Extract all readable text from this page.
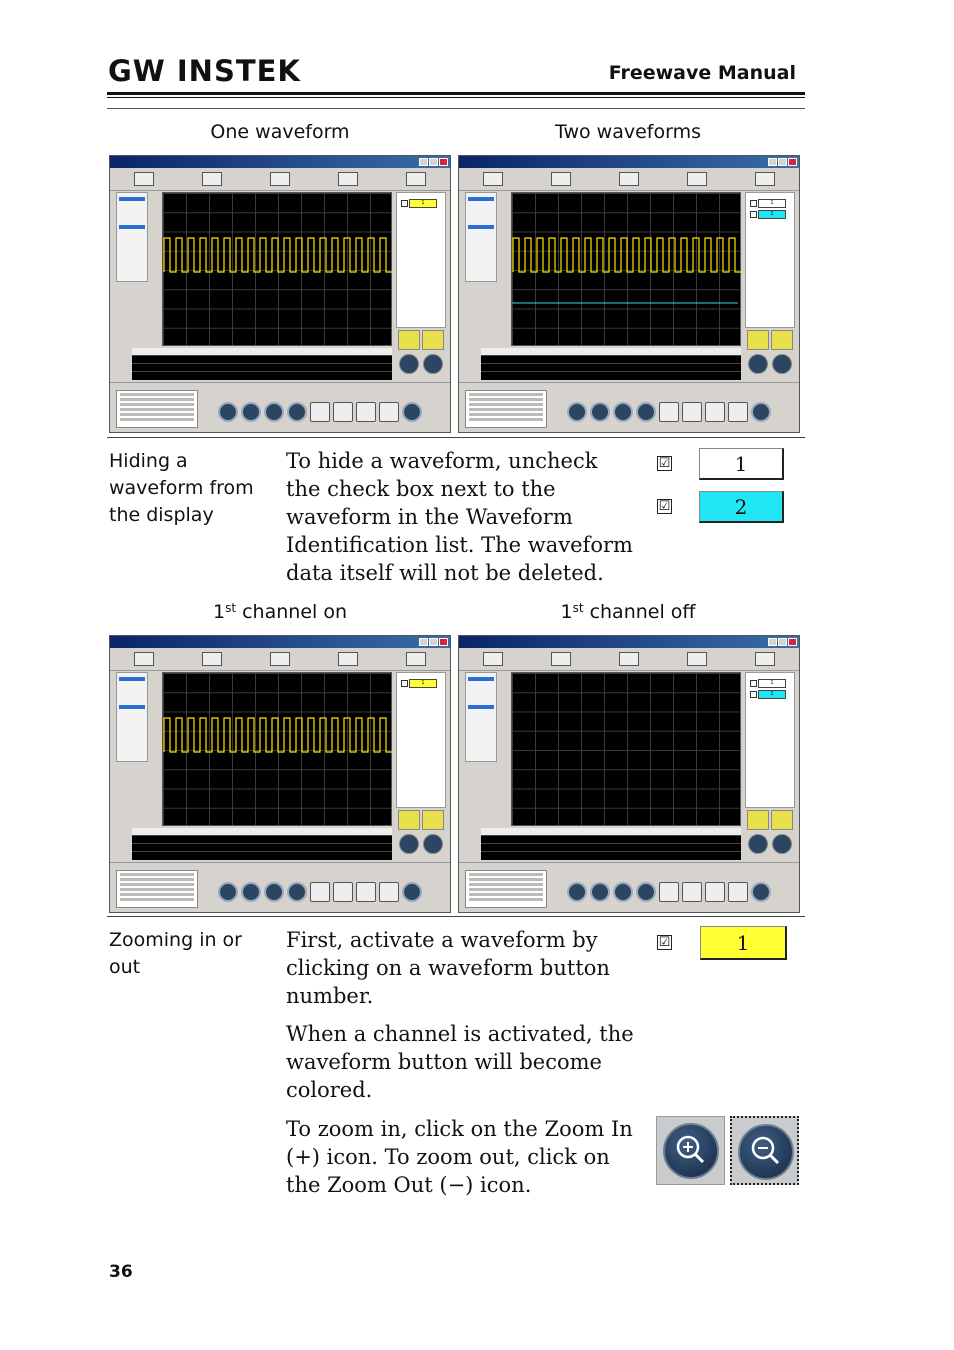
GW INSTEK	Freewave Manual
One waveform	Two waveforms
1	1
2
Hiding a waveform from the display
To hide a waveform, uncheck the check box next to the waveform in the Waveform Identification list. The waveform data itself will not be deleted.
☑	1
☑	2
1st channel on	1st channel off
1	1
2
Zooming in or out
First, activate a waveform by clicking on a waveform button number.
When a channel is activated, the waveform button will become colored.
To zoom in, click on the Zoom In (+) icon. To zoom out, click on the Zoom Out (−) icon.
☑	1
36
